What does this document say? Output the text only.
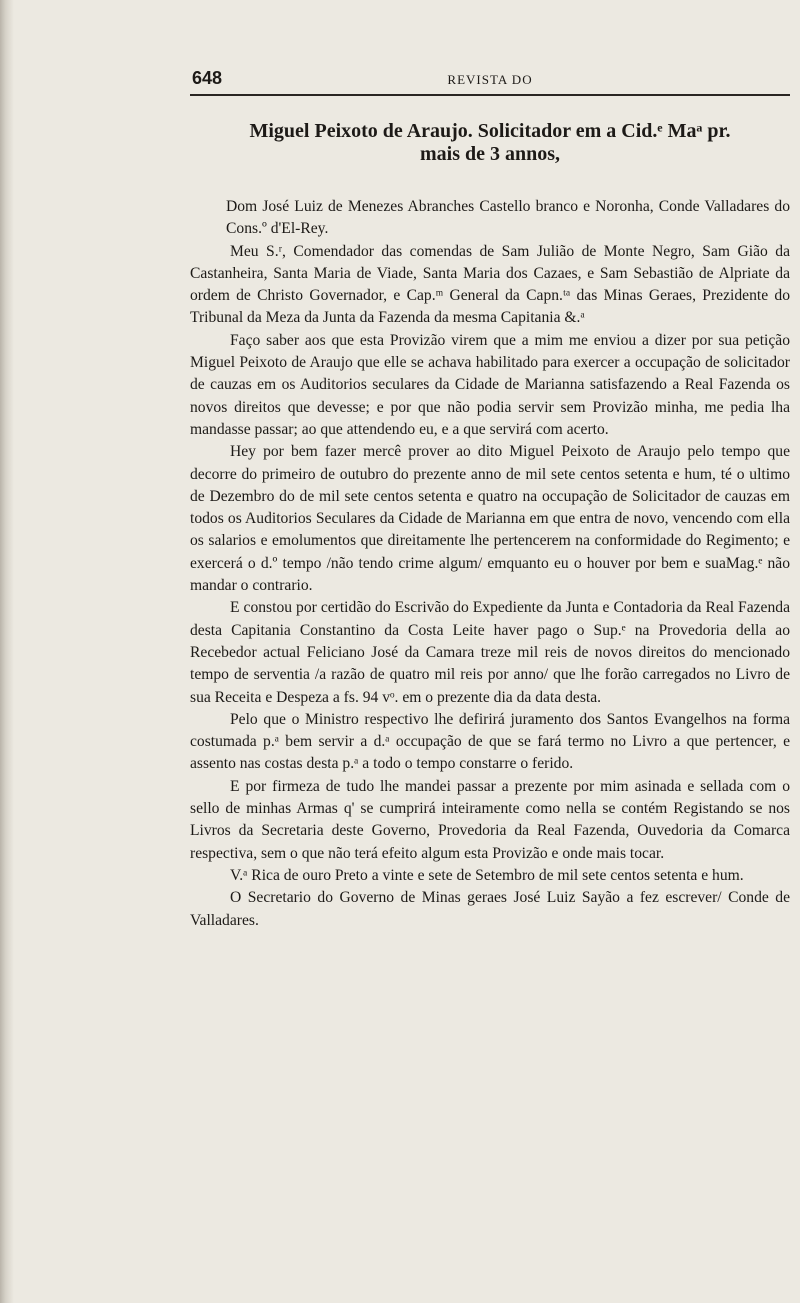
648	REVISTA DO
Miguel Peixoto de Araujo. Solicitador em a Cid.ᵉ Maᵃ pr.
mais de 3 annos,

Dom José Luiz de Menezes Abranches Castello branco e Noronha, Conde Valladares do Cons.º d'El-Rey.

Meu S.ʳ, Comendador das comendas de Sam Julião de Monte Negro, Sam Gião da Castanheira, Santa Maria de Viade, Santa Maria dos Cazaes, e Sam Sebastião de Alpriate da ordem de Christo Governador, e Cap.ᵐ General da Capn.ᵗᵃ das Minas Geraes, Prezidente do Tribunal da Meza da Junta da Fazenda da mesma Capitania &.ᵃ

Faço saber aos que esta Provizão virem que a mim me enviou a dizer por sua petição Miguel Peixoto de Araujo que elle se achava habilitado para exercer a occupação de solicitador de cauzas em os Auditorios seculares da Cidade de Marianna satisfazendo a Real Fazenda os novos direitos que devesse; e por que não podia servir sem Provizão minha, me pedia lha mandasse passar; ao que attendendo eu, e a que servirá com acerto.

Hey por bem fazer mercê prover ao dito Miguel Peixoto de Araujo pelo tempo que decorre do primeiro de outubro do prezente anno de mil sete centos setenta e hum, té o ultimo de Dezembro do de mil sete centos setenta e quatro na occupação de Solicitador de cauzas em todos os Auditorios Seculares da Cidade de Marianna em que entra de novo, vencendo com ella os salarios e emolumentos que direitamente lhe pertencerem na conformidade do Regimento; e exercerá o d.º tempo /não tendo crime algum/ emquanto eu o houver por bem e suaMag.ᵉ não mandar o contrario.

E constou por certidão do Escrivão do Expediente da Junta e Contadoria da Real Fazenda desta Capitania Constantino da Costa Leite haver pago o Sup.ᵉ na Provedoria della ao Recebedor actual Feliciano José da Camara treze mil reis de novos direitos do mencionado tempo de serventia /a razão de quatro mil reis por anno/ que lhe forão carregados no Livro de sua Receita e Despeza a fs. 94 vᵒ. em o prezente dia da data desta.

Pelo que o Ministro respectivo lhe defirirá juramento dos Santos Evangelhos na forma costumada p.ᵃ bem servir a d.ᵃ occupação de que se fará termo no Livro a que pertencer, e assento nas costas desta p.ᵃ a todo o tempo constarre o ferido.

E por firmeza de tudo lhe mandei passar a prezente por mim asinada e sellada com o sello de minhas Armas q' se cumprirá inteiramente como nella se contém Registando se nos Livros da Secretaria deste Governo, Provedoria da Real Fazenda, Ouvedoria da Comarca respectiva, sem o que não terá efeito algum esta Provizão e onde mais tocar.

V.ᵃ Rica de ouro Preto a vinte e sete de Setembro de mil sete centos setenta e hum.

O Secretario do Governo de Minas geraes José Luiz Sayão a fez escrever/ Conde de Valladares.
